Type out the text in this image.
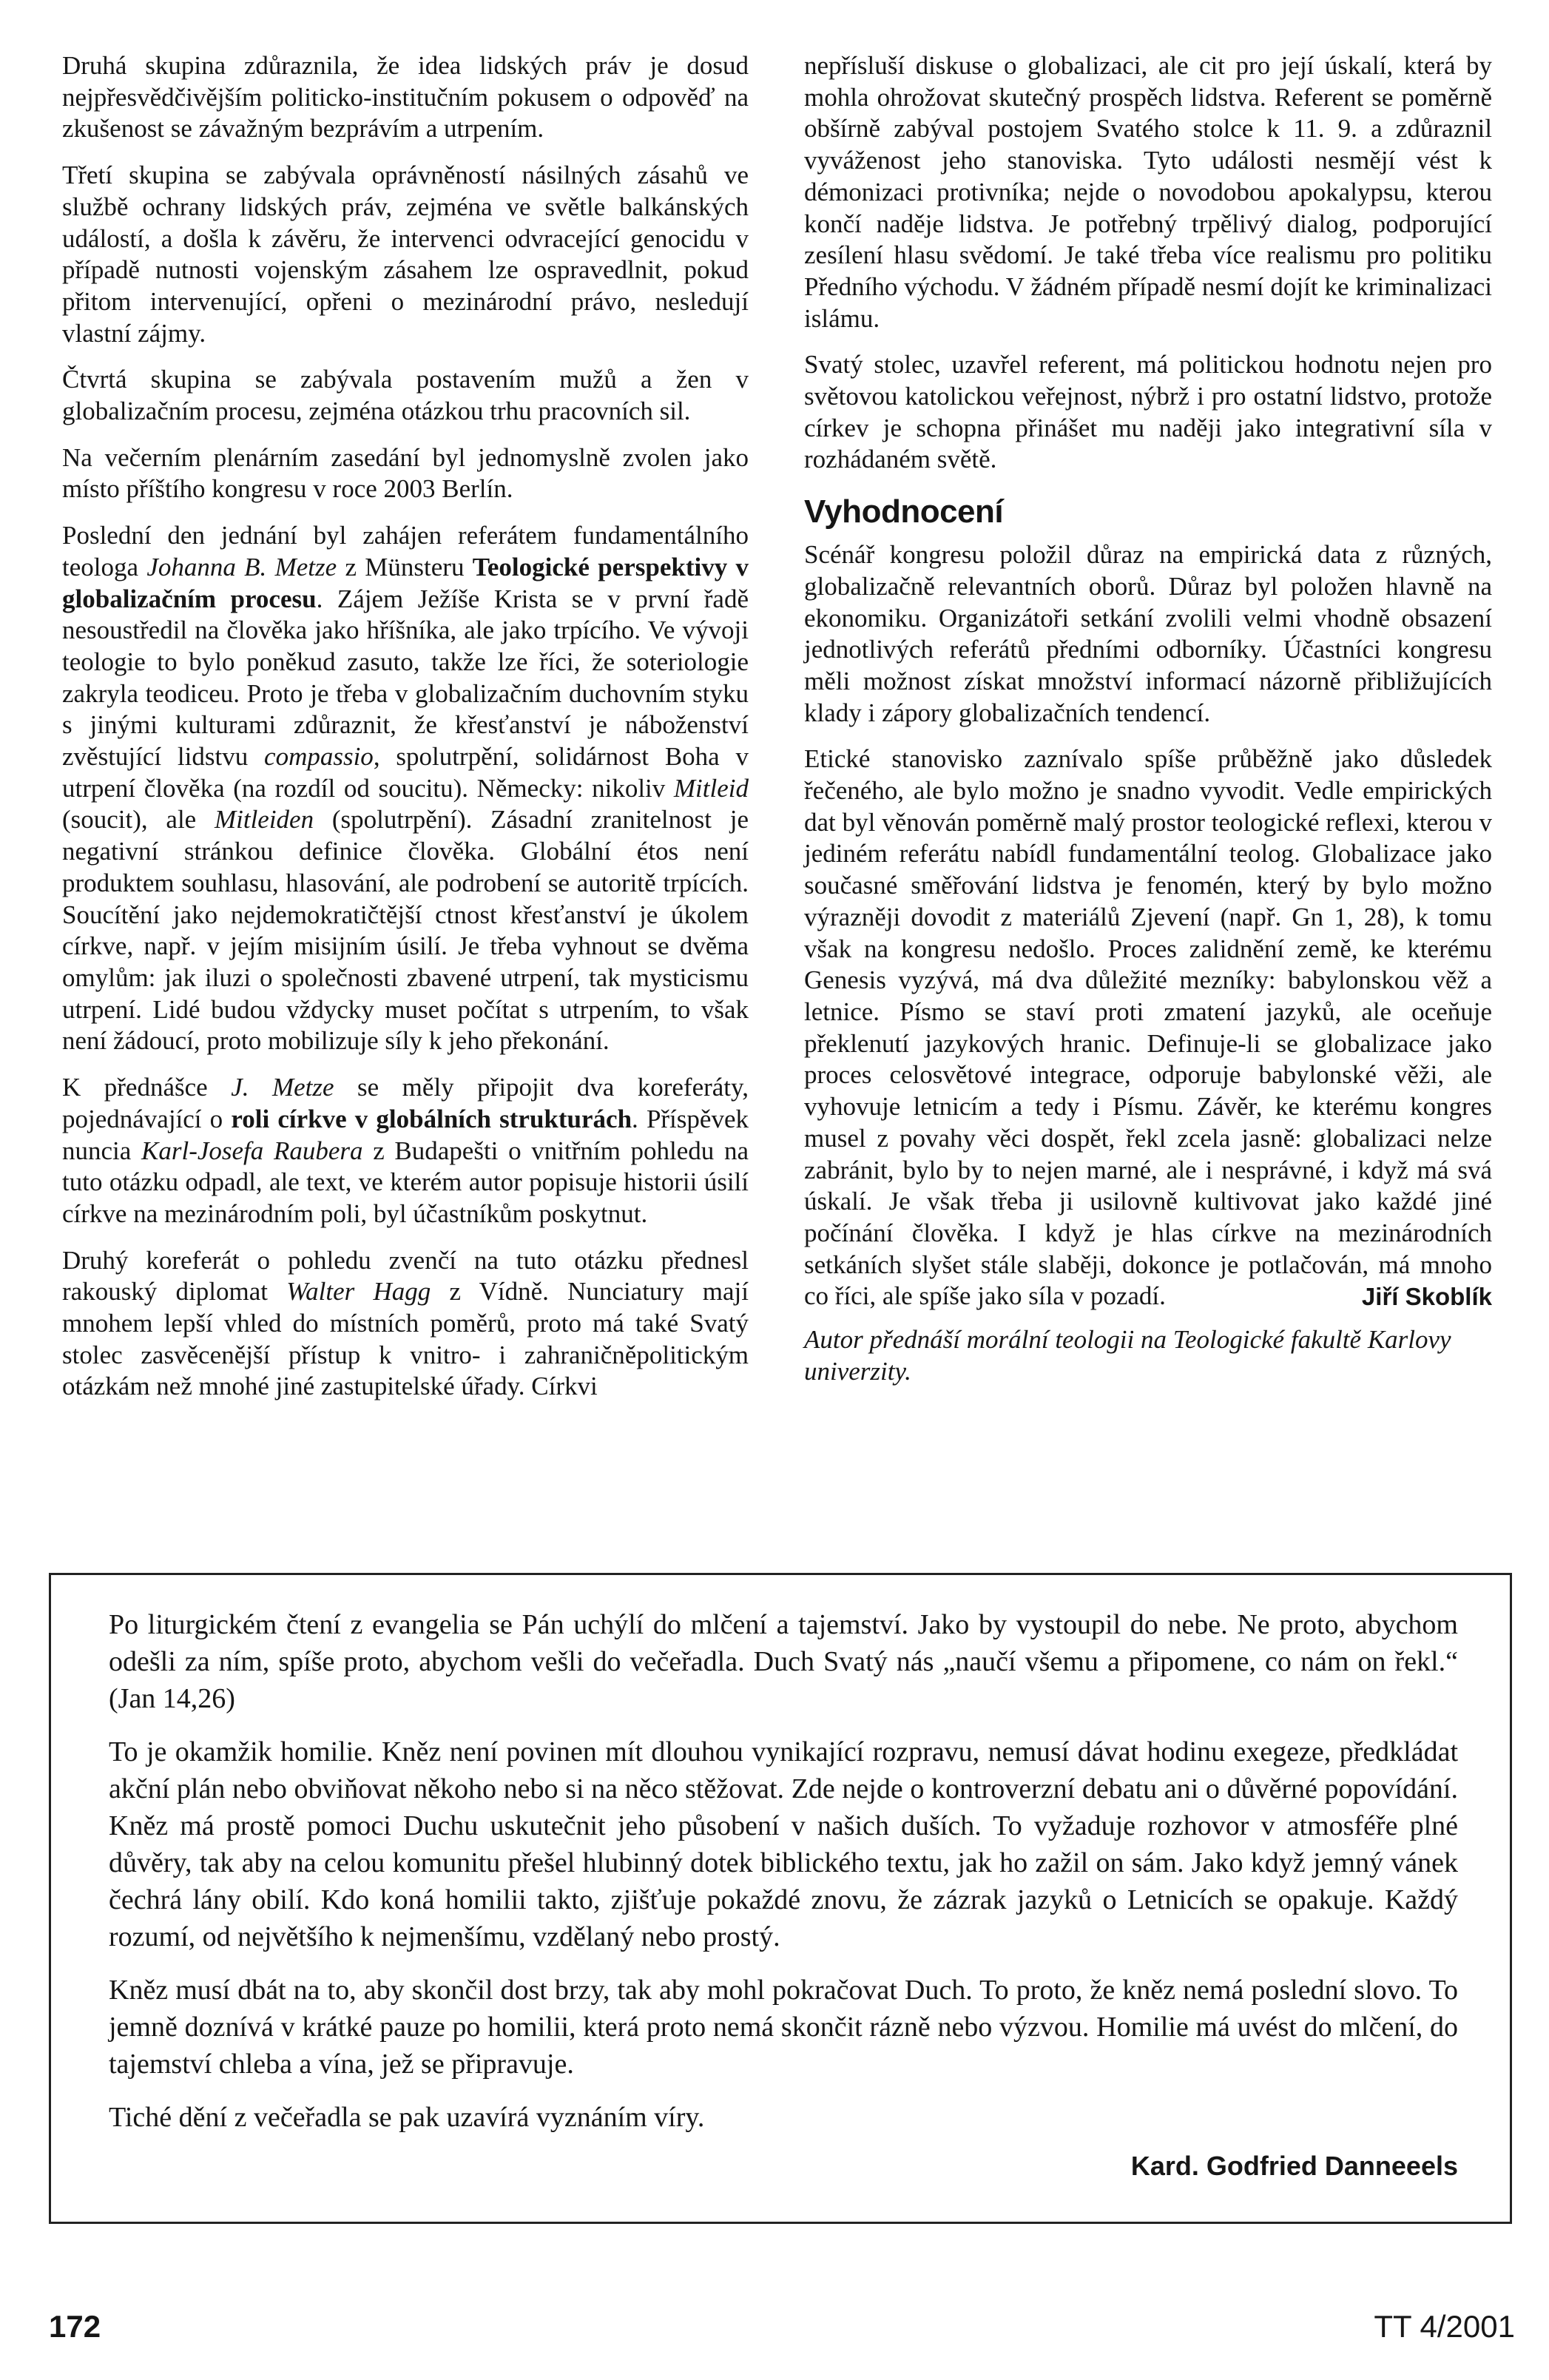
Druhá skupina zdůraznila, že idea lidských práv je dosud nejpřesvědčivějším politicko-institučním pokusem o odpověď na zkušenost se závažným bezprávím a utrpením.

Třetí skupina se zabývala oprávněností násilných zásahů ve službě ochrany lidských práv, zejména ve světle balkánských událostí, a došla k závěru, že intervenci odvracející genocidu v případě nutnosti vojenským zásahem lze ospravedlnit, pokud přitom intervenující, opřeni o mezinárodní právo, nesledují vlastní zájmy.

Čtvrtá skupina se zabývala postavením mužů a žen v globalizačním procesu, zejména otázkou trhu pracovních sil.

Na večerním plenárním zasedání byl jednomyslně zvolen jako místo příštího kongresu v roce 2003 Berlín.

Poslední den jednání byl zahájen referátem fundamentálního teologa Johanna B. Metze z Münsteru Teologické perspektivy v globalizačním procesu. Zájem Ježíše Krista se v první řadě nesoustředil na člověka jako hříšníka, ale jako trpícího. Ve vývoji teologie to bylo poněkud zasuto, takže lze říci, že soteriologie zakryla teodiceu. Proto je třeba v globalizačním duchovním styku s jinými kulturami zdůraznit, že křesťanství je náboženství zvěstující lidstvu compassio, spolutrpění, solidárnost Boha v utrpení člověka (na rozdíl od soucitu). Německy: nikoliv Mitleid (soucit), ale Mitleiden (spolutrpění). Zásadní zranitelnost je negativní stránkou definice člověka. Globální étos není produktem souhlasu, hlasování, ale podrobení se autoritě trpících. Soucítění jako nejdemokratičtější ctnost křesťanství je úkolem církve, např. v jejím misijním úsilí. Je třeba vyhnout se dvěma omylům: jak iluzi o společnosti zbavené utrpení, tak mysticismu utrpení. Lidé budou vždycky muset počítat s utrpením, to však není žádoucí, proto mobilizuje síly k jeho překonání.

K přednášce J. Metze se měly připojit dva koreferáty, pojednávající o roli církve v globálních strukturách. Příspěvek nuncia Karl-Josefa Raubera z Budapešti o vnitřním pohledu na tuto otázku odpadl, ale text, ve kterém autor popisuje historii úsilí církve na mezinárodním poli, byl účastníkům poskytnut.

Druhý koreferát o pohledu zvenčí na tuto otázku přednesl rakouský diplomat Walter Hagg z Vídně. Nunciatury mají mnohem lepší vhled do místních poměrů, proto má také Svatý stolec zasvěcenější přístup k vnitro- i zahraničněpolitickým otázkám než mnohé jiné zastupitelské úřady. Církvi

nepřísluší diskuse o globalizaci, ale cit pro její úskalí, která by mohla ohrožovat skutečný prospěch lidstva. Referent se poměrně obšírně zabýval postojem Svatého stolce k 11. 9. a zdůraznil vyváženost jeho stanoviska. Tyto události nesmějí vést k démonizaci protivníka; nejde o novodobou apokalypsu, kterou končí naděje lidstva. Je potřebný trpělivý dialog, podporující zesílení hlasu svědomí. Je také třeba více realismu pro politiku Předního východu. V žádném případě nesmí dojít ke kriminalizaci islámu.

Svatý stolec, uzavřel referent, má politickou hodnotu nejen pro světovou katolickou veřejnost, nýbrž i pro ostatní lidstvo, protože církev je schopna přinášet mu naději jako integrativní síla v rozhádaném světě.

Vyhodnocení

Scénář kongresu položil důraz na empirická data z různých, globalizačně relevantních oborů. Důraz byl položen hlavně na ekonomiku. Organizátoři setkání zvolili velmi vhodně obsazení jednotlivých referátů předními odborníky. Účastníci kongresu měli možnost získat množství informací názorně přibližujících klady i zápory globalizačních tendencí.

Etické stanovisko zaznívalo spíše průběžně jako důsledek řečeného, ale bylo možno je snadno vyvodit. Vedle empirických dat byl věnován poměrně malý prostor teologické reflexi, kterou v jediném referátu nabídl fundamentální teolog. Globalizace jako současné směřování lidstva je fenomén, který by bylo možno výrazněji dovodit z materiálů Zjevení (např. Gn 1, 28), k tomu však na kongresu nedošlo. Proces zalidnění země, ke kterému Genesis vyzývá, má dva důležité mezníky: babylonskou věž a letnice. Písmo se staví proti zmatení jazyků, ale oceňuje překlenutí jazykových hranic. Definuje-li se globalizace jako proces celosvětové integrace, odporuje babylonské věži, ale vyhovuje letnicím a tedy i Písmu. Závěr, ke kterému kongres musel z povahy věci dospět, řekl zcela jasně: globalizaci nelze zabránit, bylo by to nejen marné, ale i nesprávné, i když má svá úskalí. Je však třeba ji usilovně kultivovat jako každé jiné počínání člověka. I když je hlas církve na mezinárodních setkáních slyšet stále slaběji, dokonce je potlačován, má mnoho co říci, ale spíše jako síla v pozadí.	Jiří Skoblík
Autor přednáší morální teologii na Teologické fakultě Karlovy univerzity.

Po liturgickém čtení z evangelia se Pán uchýlí do mlčení a tajemství. Jako by vystoupil do nebe. Ne proto, abychom odešli za ním, spíše proto, abychom vešli do večeřadla. Duch Svatý nás „naučí všemu a připomene, co nám on řekl.“ (Jan 14,26)

To je okamžik homilie. Kněz není povinen mít dlouhou vynikající rozpravu, nemusí dávat hodinu exegeze, předkládat akční plán nebo obviňovat někoho nebo si na něco stěžovat. Zde nejde o kontroverzní debatu ani o důvěrné popovídání. Kněz má prostě pomoci Duchu uskutečnit jeho působení v našich duších. To vyžaduje rozhovor v atmosféře plné důvěry, tak aby na celou komunitu přešel hlubinný dotek biblického textu, jak ho zažil on sám. Jako když jemný vánek čechrá lány obilí. Kdo koná homilii takto, zjišťuje pokaždé znovu, že zázrak jazyků o Letnicích se opakuje. Každý rozumí, od největšího k nejmenšímu, vzdělaný nebo prostý.

Kněz musí dbát na to, aby skončil dost brzy, tak aby mohl pokračovat Duch. To proto, že kněz nemá poslední slovo. To jemně doznívá v krátké pauze po homilii, která proto nemá skončit rázně nebo výzvou. Homilie má uvést do mlčení, do tajemství chleba a vína, jež se připravuje.

Tiché dění z večeřadla se pak uzavírá vyznáním víry.

Kard. Godfried Danneeels
172	TT 4/2001
